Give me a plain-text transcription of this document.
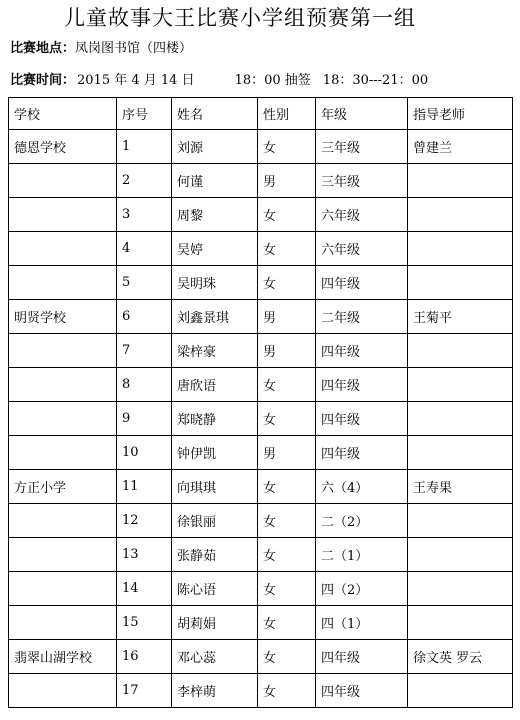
儿童故事大王比赛小学组预赛第一组
比赛地点：凤岗图书馆（四楼）
比赛时间： 2015 年 4 月 14 日	18：00 抽签 18：30---21：00
学校	序号	姓名	性别	年级	指导老师
德恩学校	1	刘源	女	三年级	曾建兰
	2	何谨	男	三年级	
	3	周黎	女	六年级	
	4	吴婷	女	六年级	
	5	吴明珠	女	四年级	
明贤学校	6	刘鑫景琪	男	二年级	王菊平
	7	梁梓豪	男	四年级	
	8	唐欣语	女	四年级	
	9	郑晓静	女	四年级	
	10	钟伊凯	男	四年级	
方正小学	11	向琪琪	女	六（4）	王寿果
	12	徐银丽	女	二（2）	
	13	张静茹	女	二（1）	
	14	陈心语	女	四（2）	
	15	胡莉娟	女	四（1）	
翡翠山湖学校	16	邓心蕊	女	四年级	徐文英 罗云
	17	李梓萌	女	四年级	
